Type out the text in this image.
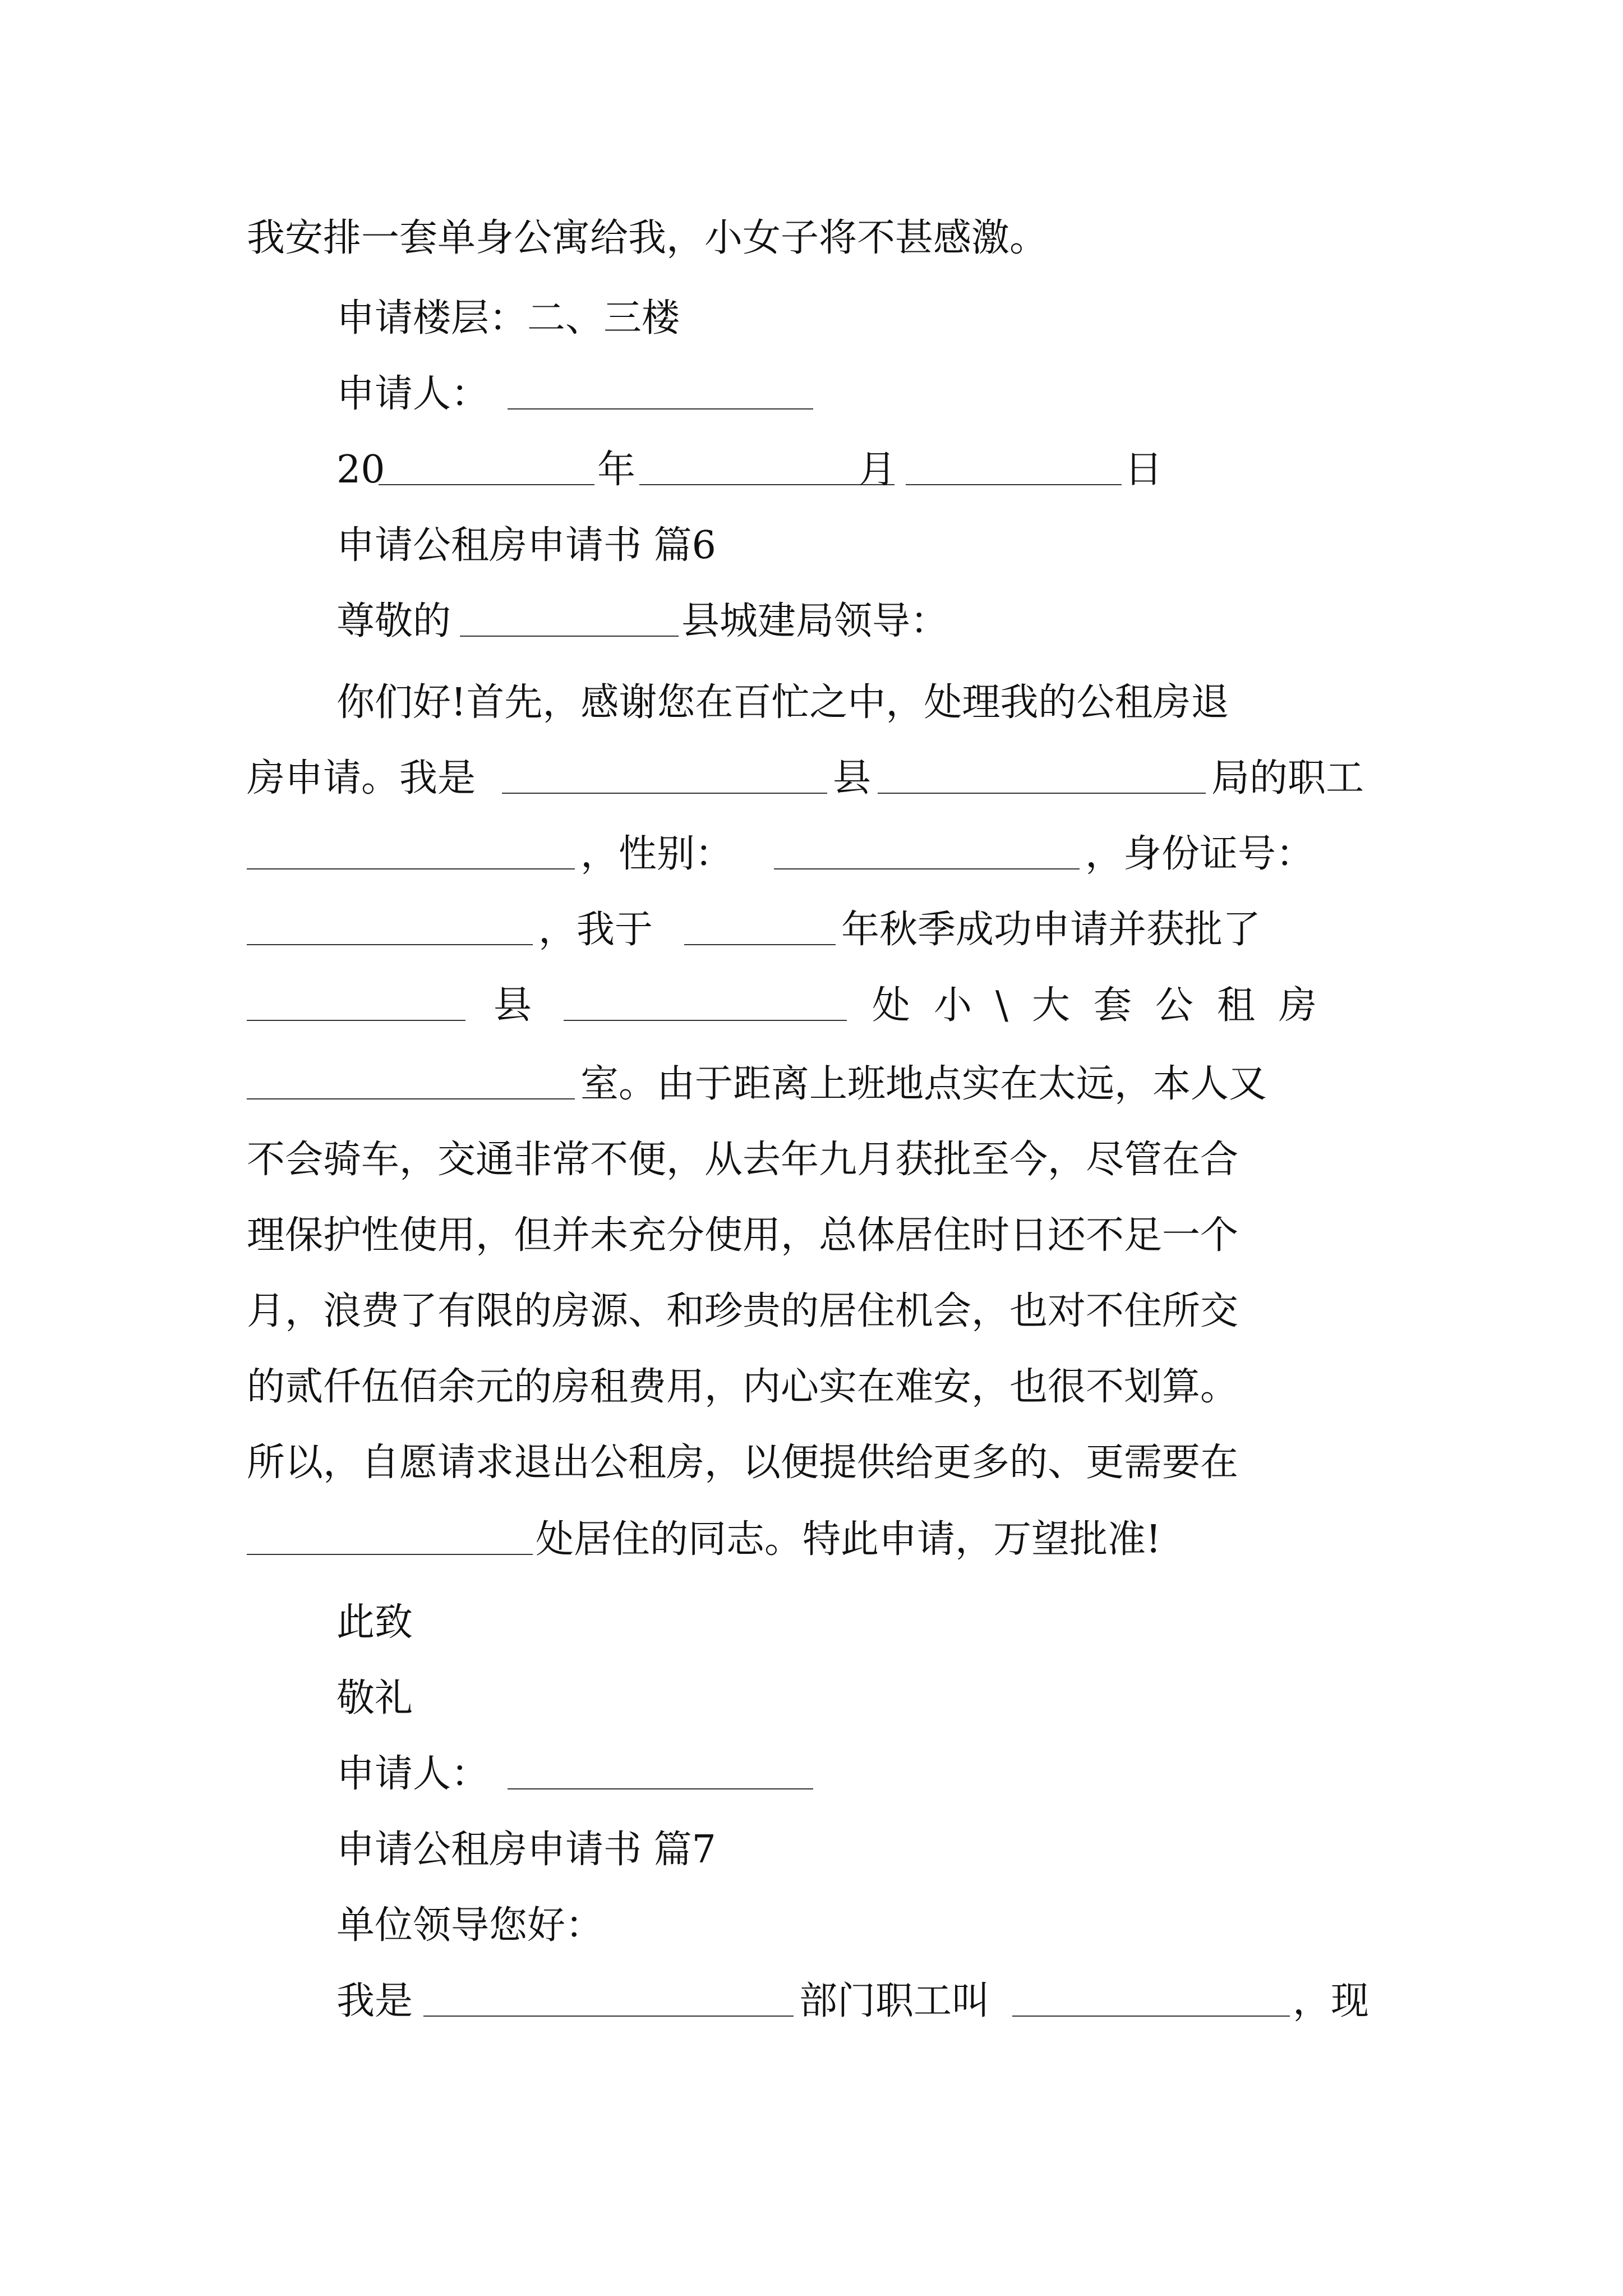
我安排一套单身公寓给我，小女子将不甚感激。
申请楼层：二、三楼
申请人：
20	年	月	日
申请公租房申请书 篇6
尊敬的	县城建局领导：
你们好!首先，感谢您在百忙之中，处理我的公租房退
房申请。我是	县	局的职工
，性别：	，身份证号：
，我于	年秋季成功申请并获批了
县	处小\大套公租房
室。由于距离上班地点实在太远，本人又
不会骑车，交通非常不便，从去年九月获批至今，尽管在合
理保护性使用，但并未充分使用，总体居住时日还不足一个
月，浪费了有限的房源、和珍贵的居住机会，也对不住所交
的贰仟伍佰余元的房租费用，内心实在难安，也很不划算。
所以，自愿请求退出公租房，以便提供给更多的、更需要在
处居住的同志。特此申请，万望批准!
此致
敬礼
申请人：
申请公租房申请书 篇7
单位领导您好：
我是	部门职工叫	，现
